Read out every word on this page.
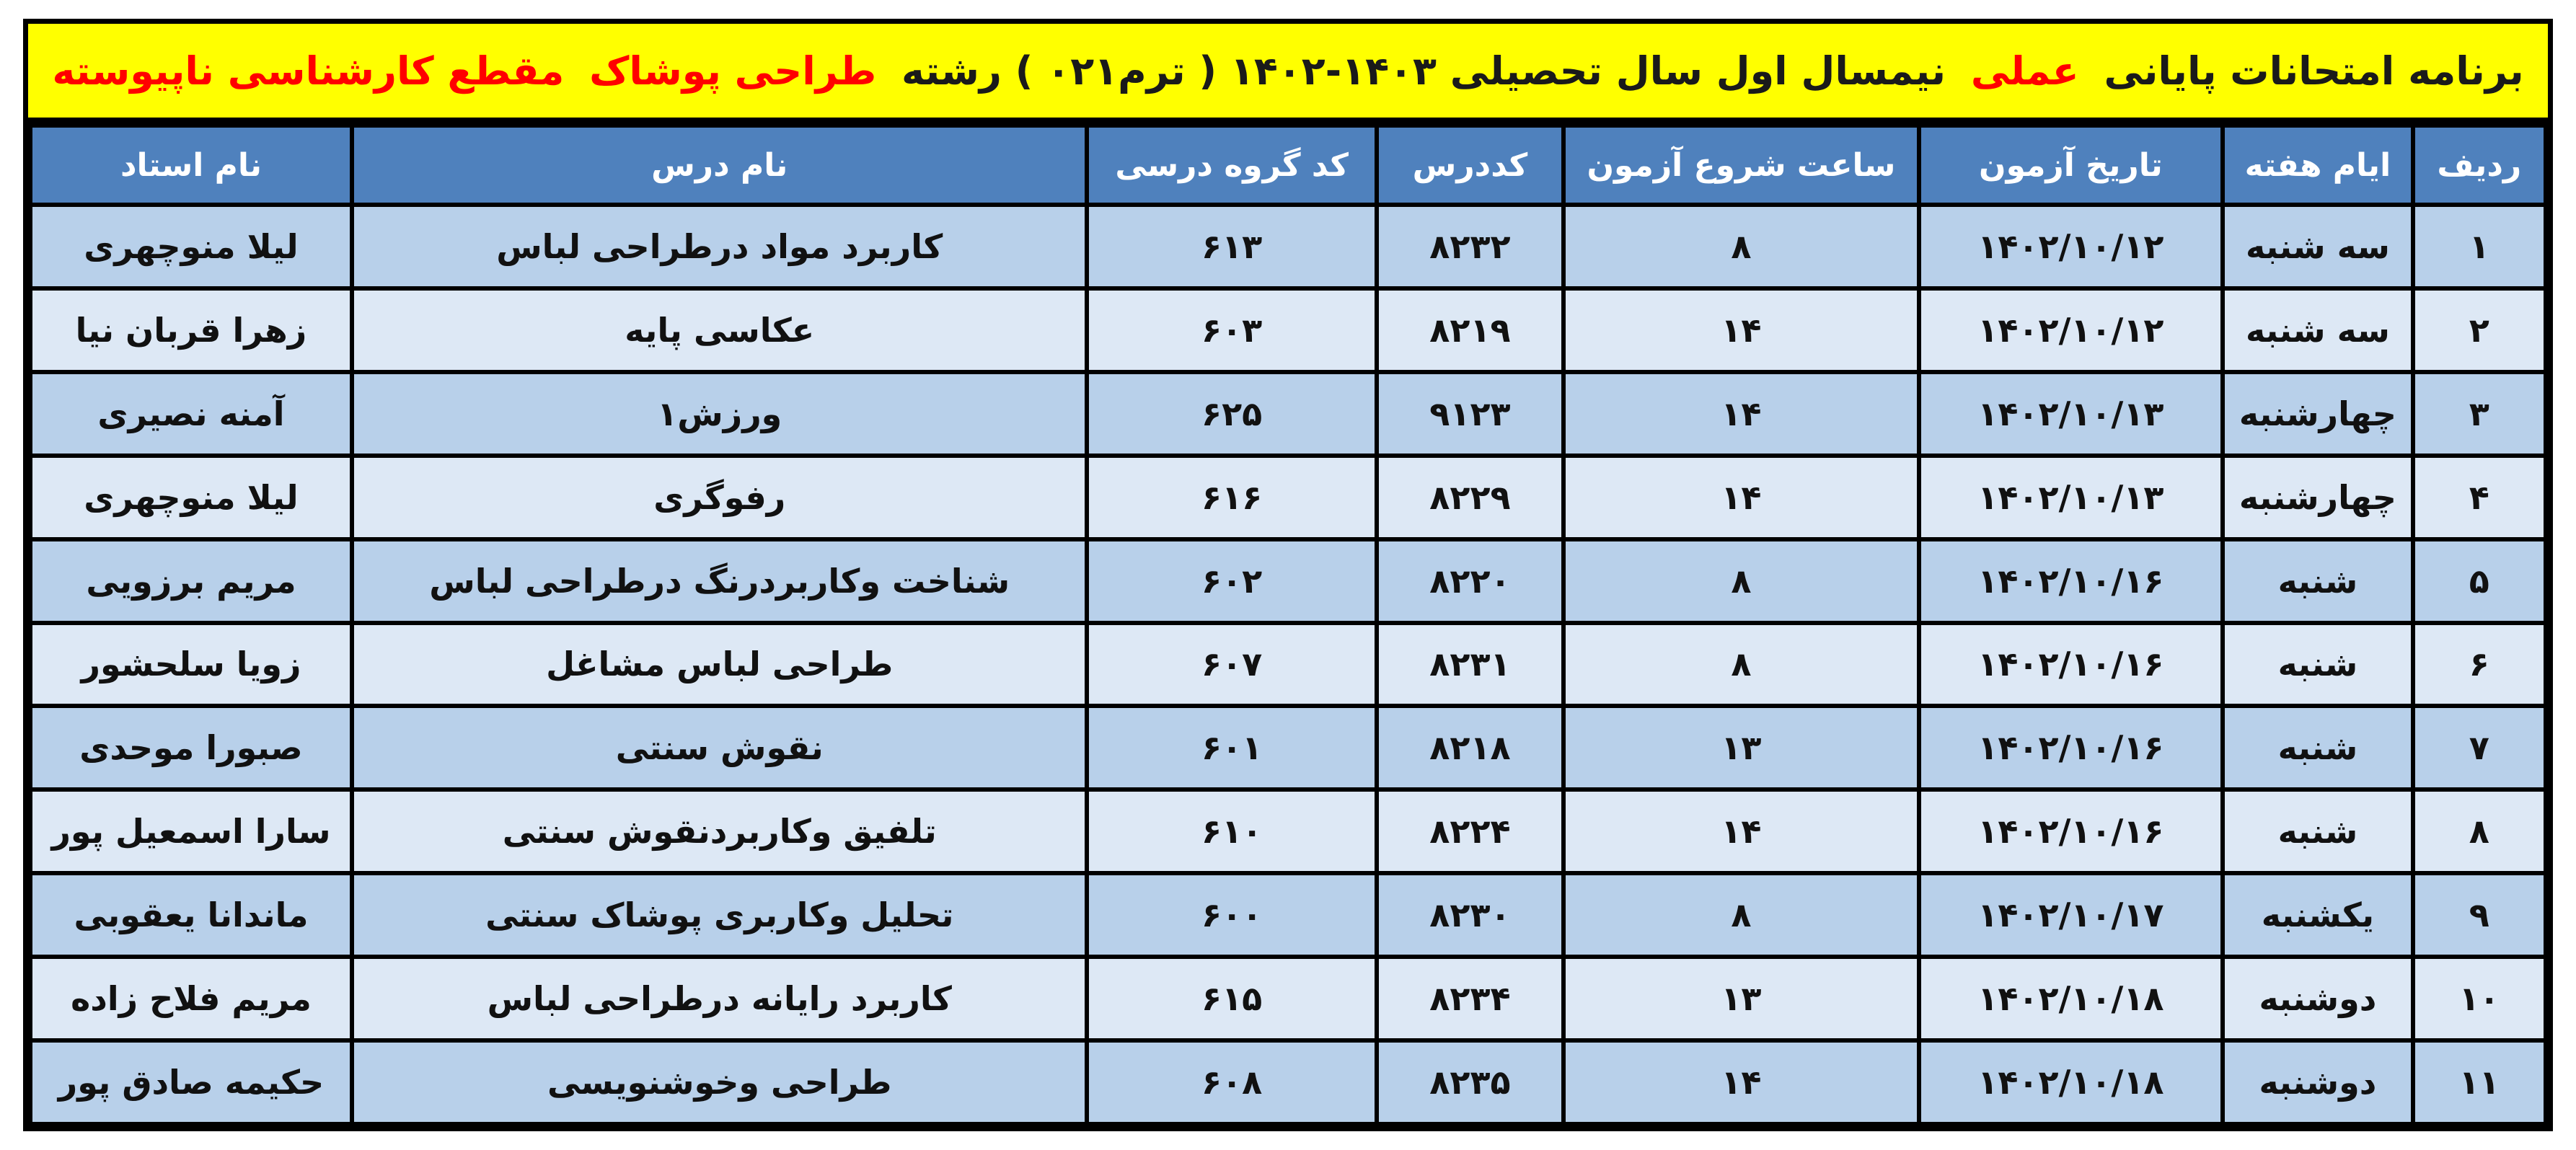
برنامه امتحانات پایانی عملی نیمسال اول سال تحصیلی ۱۴۰۳-۱۴۰۲ ( ترم۰۲۱ ) رشته طراحی پوشاک مقطع کارشناسی ناپیوسته
ردیف	ایام هفته	تاریخ آزمون	ساعت شروع آزمون	کددرس	کد گروه درسی	نام درس	نام استاد
۱	سه شنبه	۱۴۰۲/۱۰/۱۲	۸	۸۲۳۲	۶۱۳	کاربرد مواد درطراحی لباس	لیلا منوچهری
۲	سه شنبه	۱۴۰۲/۱۰/۱۲	۱۴	۸۲۱۹	۶۰۳	عکاسی پایه	زهرا قربان نیا
۳	چهارشنبه	۱۴۰۲/۱۰/۱۳	۱۴	۹۱۲۳	۶۲۵	ورزش۱	آمنه نصیری
۴	چهارشنبه	۱۴۰۲/۱۰/۱۳	۱۴	۸۲۲۹	۶۱۶	رفوگری	لیلا منوچهری
۵	شنبه	۱۴۰۲/۱۰/۱۶	۸	۸۲۲۰	۶۰۲	شناخت وکاربردرنگ درطراحی لباس	مریم برزویی
۶	شنبه	۱۴۰۲/۱۰/۱۶	۸	۸۲۳۱	۶۰۷	طراحی لباس مشاغل	زویا سلحشور
۷	شنبه	۱۴۰۲/۱۰/۱۶	۱۳	۸۲۱۸	۶۰۱	نقوش سنتی	صبورا موحدی
۸	شنبه	۱۴۰۲/۱۰/۱۶	۱۴	۸۲۲۴	۶۱۰	تلفیق وکاربردنقوش سنتی	سارا اسمعیل پور
۹	یکشنبه	۱۴۰۲/۱۰/۱۷	۸	۸۲۳۰	۶۰۰	تحلیل وکاربری پوشاک سنتی	ماندانا یعقوبی
۱۰	دوشنبه	۱۴۰۲/۱۰/۱۸	۱۳	۸۲۳۴	۶۱۵	کاربرد رایانه درطراحی لباس	مریم فلاح زاده
۱۱	دوشنبه	۱۴۰۲/۱۰/۱۸	۱۴	۸۲۳۵	۶۰۸	طراحی وخوشنویسی	حکیمه صادق پور
